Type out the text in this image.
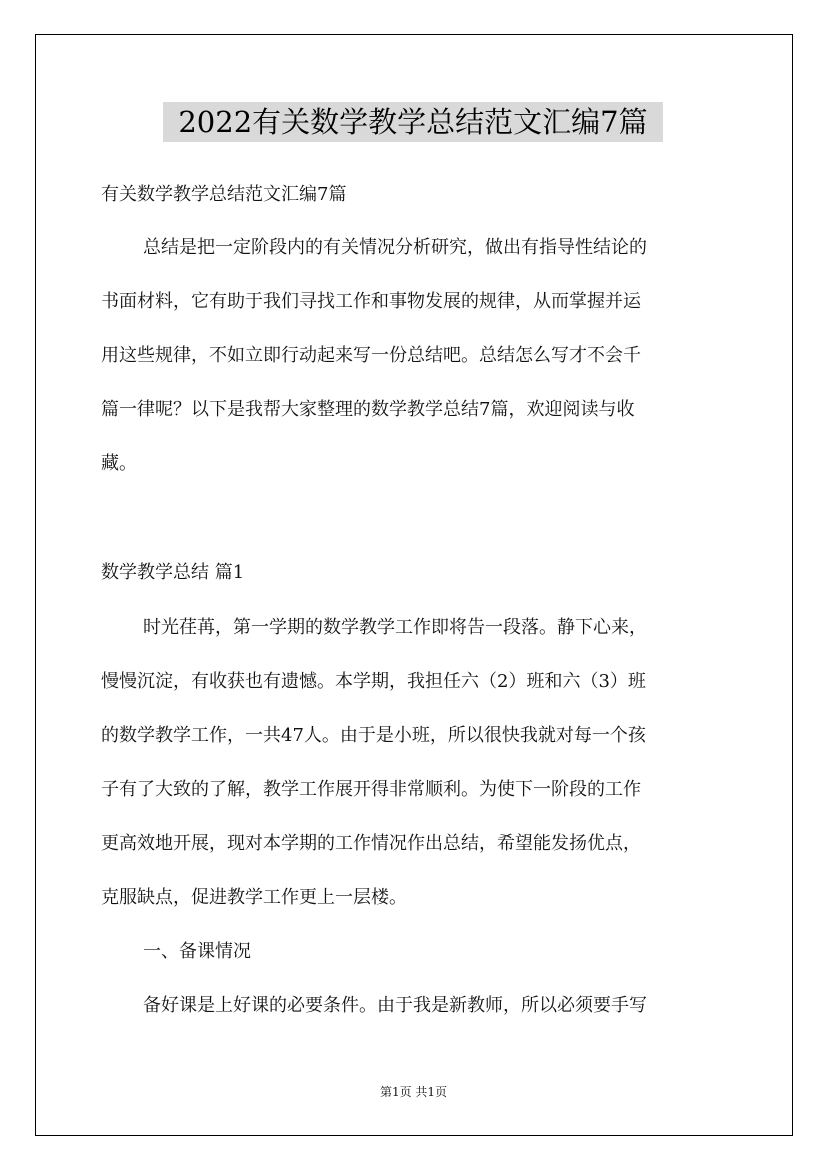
2022有关数学教学总结范文汇编7篇
有关数学教学总结范文汇编7篇
总结是把一定阶段内的有关情况分析研究，做出有指导性结论的
书面材料，它有助于我们寻找工作和事物发展的规律，从而掌握并运
用这些规律，不如立即行动起来写一份总结吧。总结怎么写才不会千
篇一律呢？以下是我帮大家整理的数学教学总结7篇，欢迎阅读与收
藏。
数学教学总结 篇1
时光荏苒，第一学期的数学教学工作即将告一段落。静下心来，
慢慢沉淀，有收获也有遗憾。本学期，我担任六（2）班和六（3）班
的数学教学工作，一共47人。由于是小班，所以很快我就对每一个孩
子有了大致的了解，教学工作展开得非常顺利。为使下一阶段的工作
更高效地开展，现对本学期的工作情况作出总结，希望能发扬优点，
克服缺点，促进教学工作更上一层楼。
一、备课情况
备好课是上好课的必要条件。由于我是新教师，所以必须要手写
第1页 共1页
